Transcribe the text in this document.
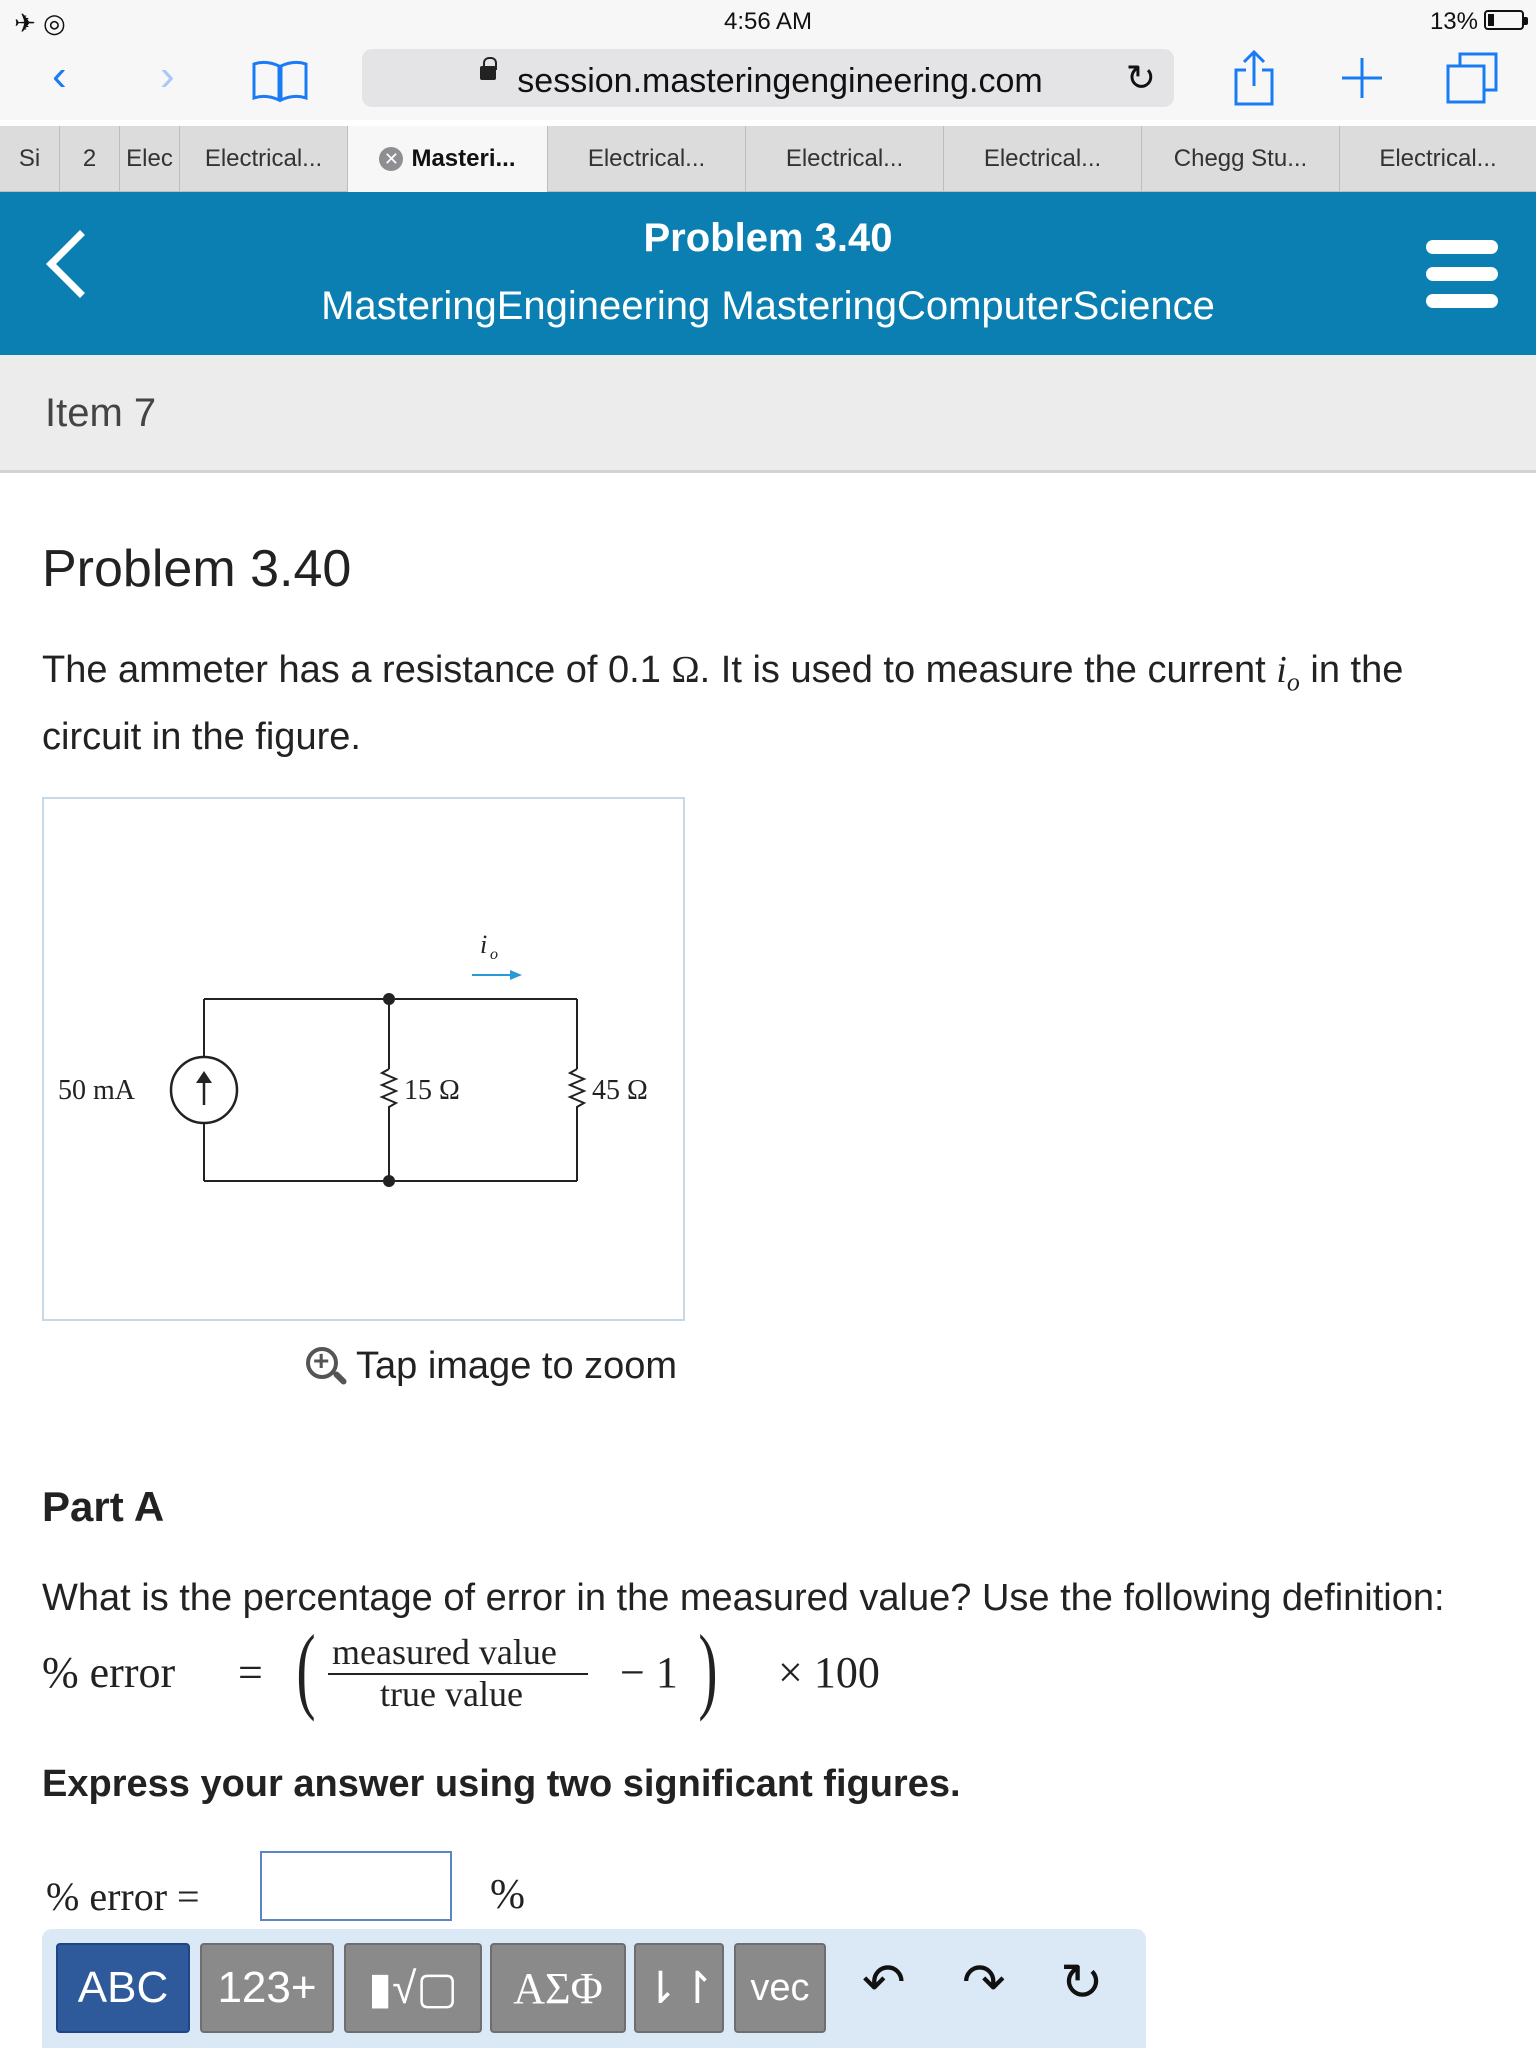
✈ ◎	4:56 AM	13%
‹ ›	session.masteringengineering.com	↻
Si 2 Elec Electrical...	✕ Masteri...	Electrical...	Electrical...	Electrical...	Chegg Stu...	Electrical...
Problem 3.40
MasteringEngineering MasteringComputerScience
Item 7
Problem 3.40
The ammeter has a resistance of 0.1 Ω. It is used to measure the current $i_o$ in the circuit in the figure.
i o
50 mA	15 Ω	45 Ω
+
Tap image to zoom
Part A
What is the percentage of error in the measured value? Use the following definition:
% error = ( measured value
true value − 1 ) × 100
Express your answer using two significant figures.
% error =	%
ABC	123+	▮√▢	ΑΣΦ ⇂↾ vec	↶ ↷ ↻
